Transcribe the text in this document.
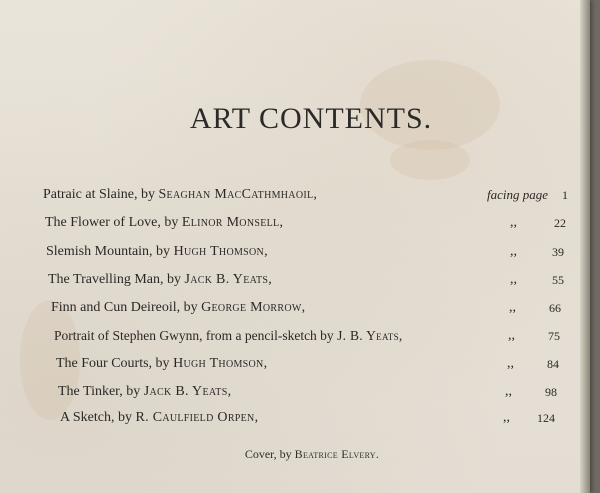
ART CONTENTS.
Patraic at Slaine, by Seaghan MacCathmhaoil,	facing page 1
The Flower of Love, by Elinor Monsell,	,,	22
Slemish Mountain, by Hugh Thomson,	,,	39
The Travelling Man, by Jack B. Yeats,	,,	55
Finn and Cun Deireoil, by George Morrow,	,,	66
Portrait of Stephen Gwynn, from a pencil-sketch by J. B. Yeats,	,,	75
The Four Courts, by Hugh Thomson,	,,	84
The Tinker, by Jack B. Yeats,	,,	98
A Sketch, by R. Caulfield Orpen,	,, 124
Cover, by Beatrice Elvery.
